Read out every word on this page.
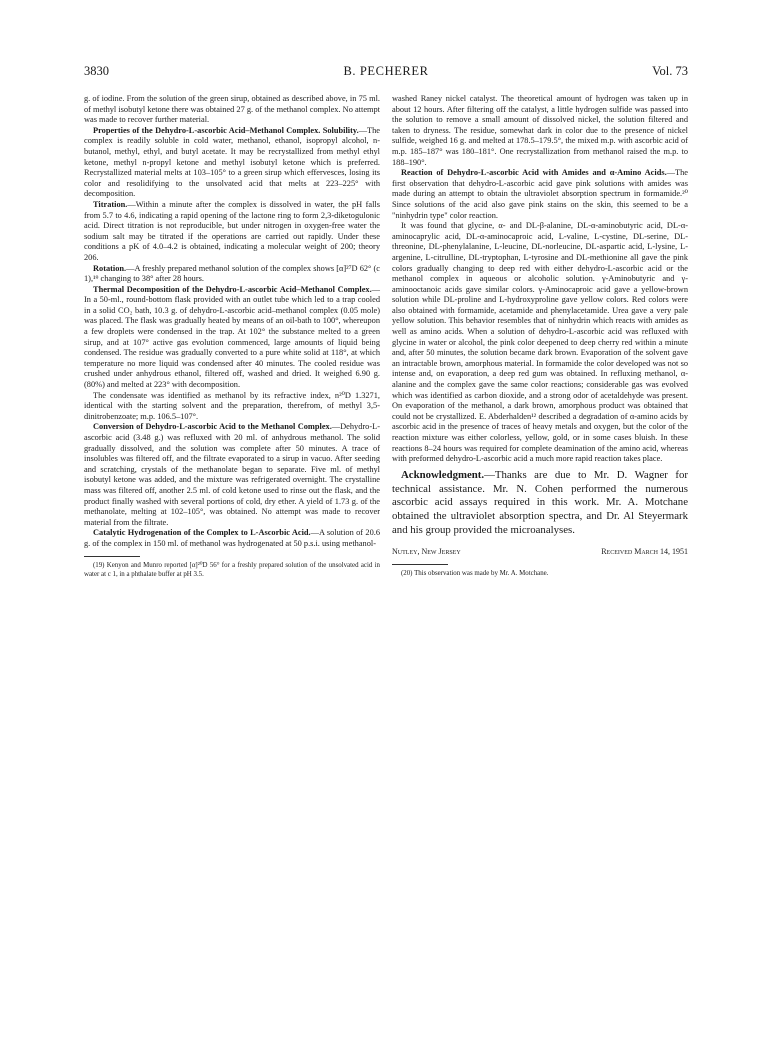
3830	B. PECHERER	Vol. 73

g. of iodine. From the solution of the green sirup, obtained as described above, in 75 ml. of methyl isobutyl ketone there was obtained 27 g. of the methanol complex. No attempt was made to recover further material.

Properties of the Dehydro-L-ascorbic Acid–Methanol Complex. Solubility.—The complex is readily soluble in cold water, methanol, ethanol, isopropyl alcohol, n-butanol, methyl, ethyl, and butyl acetate. It may be recrystallized from methyl ethyl ketone, methyl n-propyl ketone and methyl isobutyl ketone which is preferred. Recrystallized material melts at 103–105° to a green sirup which effervesces, losing its color and resolidifying to the unsolvated acid that melts at 223–225° with decomposition.

Titration.—Within a minute after the complex is dissolved in water, the pH falls from 5.7 to 4.6, indicating a rapid opening of the lactone ring to form 2,3-diketogulonic acid. Direct titration is not reproducible, but under nitrogen in oxygen-free water the sodium salt may be titrated if the operations are carried out rapidly. Under these conditions a pK of 4.0–4.2 is obtained, indicating a molecular weight of 200; theory 206.

Rotation.—A freshly prepared methanol solution of the complex shows [α]²⁷D 62° (c 1),¹⁹ changing to 38° after 28 hours.

Thermal Decomposition of the Dehydro-L-ascorbic Acid–Methanol Complex.—In a 50-ml., round-bottom flask provided with an outlet tube which led to a trap cooled in a solid CO₂ bath, 10.3 g. of dehydro-L-ascorbic acid–methanol complex (0.05 mole) was placed. The flask was gradually heated by means of an oil-bath to 100°, whereupon a few droplets were condensed in the trap. At 102° the substance melted to a green sirup, and at 107° active gas evolution commenced, large amounts of liquid being condensed. The residue was gradually converted to a pure white solid at 118°, at which temperature no more liquid was condensed after 40 minutes. The cooled residue was crushed under anhydrous ethanol, filtered off, washed and dried. It weighed 6.90 g. (80%) and melted at 223° with decomposition.

The condensate was identified as methanol by its refractive index, n²⁰D 1.3271, identical with the starting solvent and the preparation, therefrom, of methyl 3,5-dinitrobenzoate; m.p. 106.5–107°.

Conversion of Dehydro-L-ascorbic Acid to the Methanol Complex.—Dehydro-L-ascorbic acid (3.48 g.) was refluxed with 20 ml. of anhydrous methanol. The solid gradually dissolved, and the solution was complete after 50 minutes. A trace of insolubles was filtered off, and the filtrate evaporated to a sirup in vacuo. After seeding and scratching, crystals of the methanolate began to separate. Five ml. of methyl isobutyl ketone was added, and the mixture was refrigerated overnight. The crystalline mass was filtered off, another 2.5 ml. of cold ketone used to rinse out the flask, and the product finally washed with several portions of cold, dry ether. A yield of 1.73 g. of the methanolate, melting at 102–105°, was obtained. No attempt was made to recover material from the filtrate.

Catalytic Hydrogenation of the Complex to L-Ascorbic Acid.—A solution of 20.6 g. of the complex in 150 ml. of methanol was hydrogenated at 50 p.s.i. using methanol-

(19) Kenyon and Munro reported [α]²⁰D 56° for a freshly prepared solution of the unsolvated acid in water at c 1, in a phthalate buffer at pH 3.5.

washed Raney nickel catalyst. The theoretical amount of hydrogen was taken up in about 12 hours. After filtering off the catalyst, a little hydrogen sulfide was passed into the solution to remove a small amount of dissolved nickel, the solution filtered and taken to dryness. The residue, somewhat dark in color due to the presence of nickel sulfide, weighed 16 g. and melted at 178.5–179.5°, the mixed m.p. with ascorbic acid of m.p. 185–187° was 180–181°. One recrystallization from methanol raised the m.p. to 188–190°.

Reaction of Dehydro-L-ascorbic Acid with Amides and α-Amino Acids.—The first observation that dehydro-L-ascorbic acid gave pink solutions with amides was made during an attempt to obtain the ultraviolet absorption spectrum in formamide.²⁰ Since solutions of the acid also gave pink stains on the skin, this seemed to be a "ninhydrin type" color reaction.

It was found that glycine, α- and DL-β-alanine, DL-α-aminobutyric acid, DL-α-aminocaprylic acid, DL-α-aminocaproic acid, L-valine, L-cystine, DL-serine, DL-threonine, DL-phenylalanine, L-leucine, DL-norleucine, DL-aspartic acid, L-lysine, L-argenine, L-citrulline, DL-tryptophan, L-tyrosine and DL-methionine all gave the pink colors gradually changing to deep red with either dehydro-L-ascorbic acid or the methanol complex in aqueous or alcoholic solution. γ-Aminobutyric and γ-aminooctanoic acids gave similar colors. γ-Aminocaproic acid gave a yellow-brown solution while DL-proline and L-hydroxyproline gave yellow colors. Red colors were also obtained with formamide, acetamide and phenylacetamide. Urea gave a very pale yellow solution. This behavior resembles that of ninhydrin which reacts with amides as well as amino acids. When a solution of dehydro-L-ascorbic acid was refluxed with glycine in water or alcohol, the pink color deepened to deep cherry red within a minute and, after 50 minutes, the solution became dark brown. Evaporation of the solvent gave an intractable brown, amorphous material. In formamide the color developed was not so intense and, on evaporation, a deep red gum was obtained. In refluxing methanol, α-alanine and the complex gave the same color reactions; considerable gas was evolved which was identified as carbon dioxide, and a strong odor of acetaldehyde was present. On evaporation of the methanol, a dark brown, amorphous product was obtained that could not be crystallized. E. Abderhalden¹² described a degradation of α-amino acids by ascorbic acid in the presence of traces of heavy metals and oxygen, but the color of the reaction mixture was either colorless, yellow, gold, or in some cases bluish. In these reactions 8–24 hours was required for complete deamination of the amino acid, whereas with preformed dehydro-L-ascorbic acid a much more rapid reaction takes place.

Acknowledgment.—Thanks are due to Mr. D. Wagner for technical assistance. Mr. N. Cohen performed the numerous ascorbic acid assays required in this work. Mr. A. Motchane obtained the ultraviolet absorption spectra, and Dr. Al Steyermark and his group provided the microanalyses.

Nutley, New Jersey	Received March 14, 1951

(20) This observation was made by Mr. A. Motchane.
